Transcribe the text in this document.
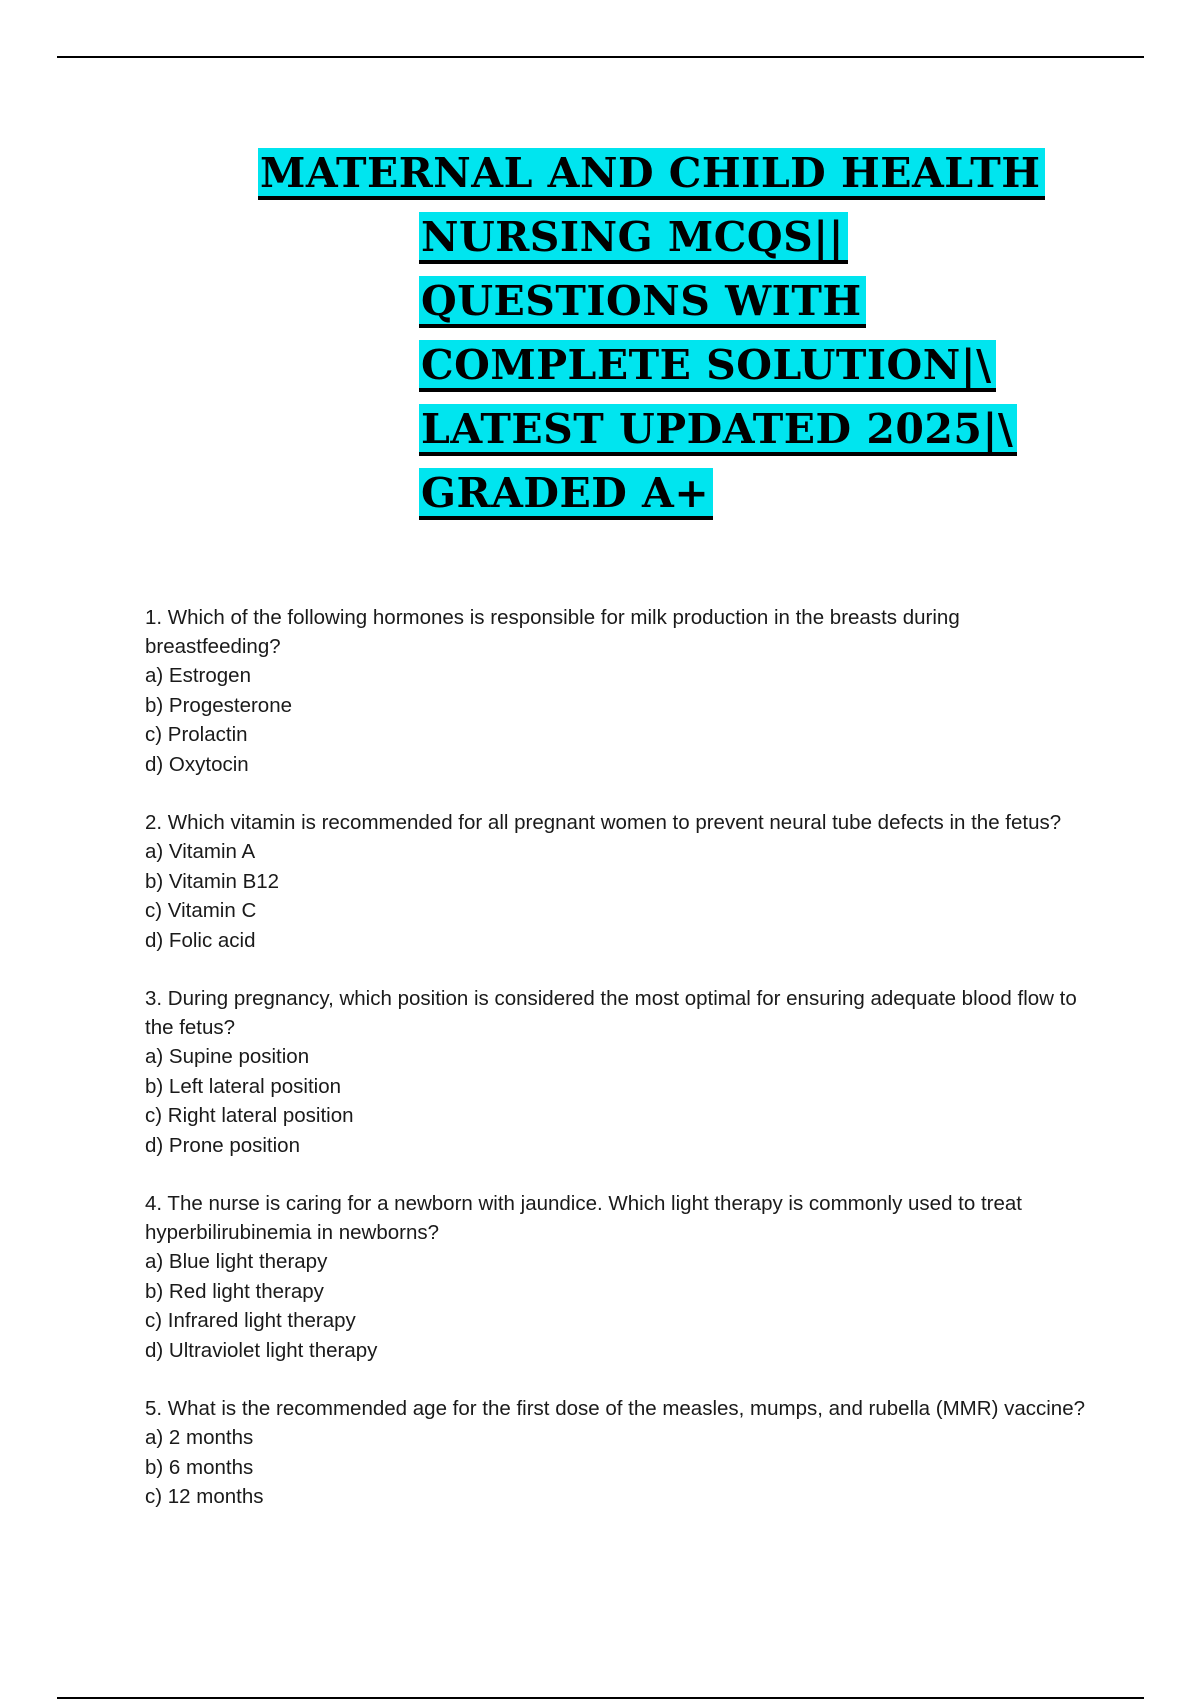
MATERNAL AND CHILD HEALTH
NURSING MCQS||
QUESTIONS WITH
COMPLETE SOLUTION|\
LATEST UPDATED 2025|\
GRADED A+

1. Which of the following hormones is responsible for milk production in the breasts during breastfeeding?

a) Estrogen
b) Progesterone
c) Prolactin
d) Oxytocin

2. Which vitamin is recommended for all pregnant women to prevent neural tube defects in the fetus?

a) Vitamin A
b) Vitamin B12
c) Vitamin C
d) Folic acid

3. During pregnancy, which position is considered the most optimal for ensuring adequate blood flow to the fetus?

a) Supine position
b) Left lateral position
c) Right lateral position
d) Prone position

4. The nurse is caring for a newborn with jaundice. Which light therapy is commonly used to treat hyperbilirubinemia in newborns?

a) Blue light therapy
b) Red light therapy
c) Infrared light therapy
d) Ultraviolet light therapy

5. What is the recommended age for the first dose of the measles, mumps, and rubella (MMR) vaccine?

a) 2 months
b) 6 months
c) 12 months
